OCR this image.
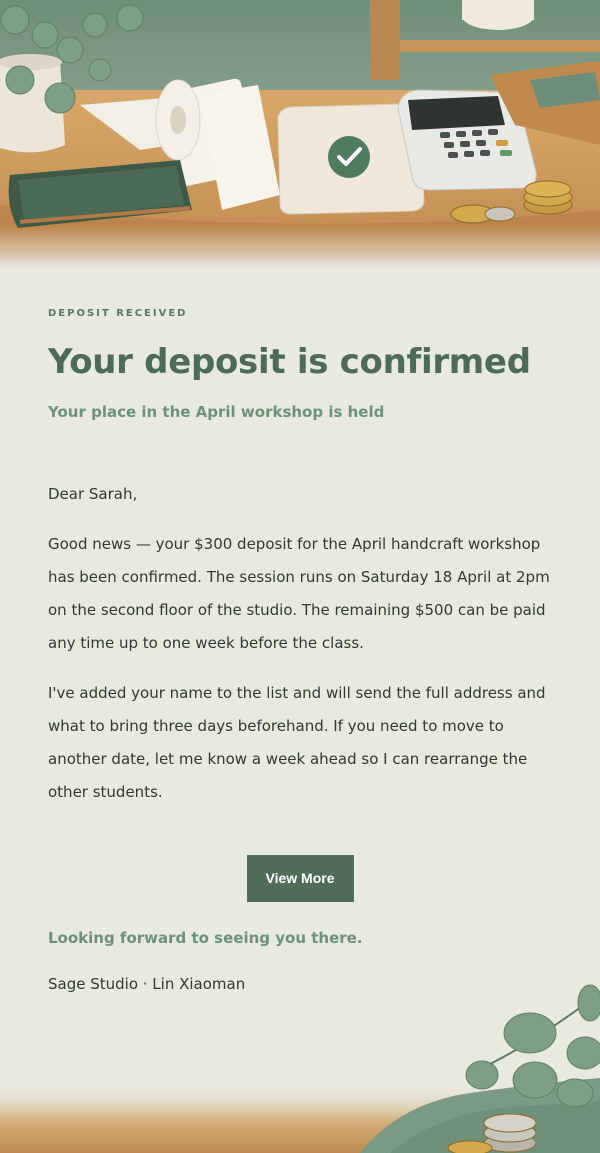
DEPOSIT RECEIVED

Your deposit is confirmed

Your place in the April workshop is held

Dear Sarah,

Good news — your $300 deposit for the April handcraft workshop has been confirmed. The session runs on Saturday 18 April at 2pm on the second floor of the studio. The remaining $500 can be paid any time up to one week before the class.

I've added your name to the list and will send the full address and what to bring three days beforehand. If you need to move to another date, let me know a week ahead so I can rearrange the other students.

View More

Looking forward to seeing you there.

Sage Studio · Lin Xiaoman
